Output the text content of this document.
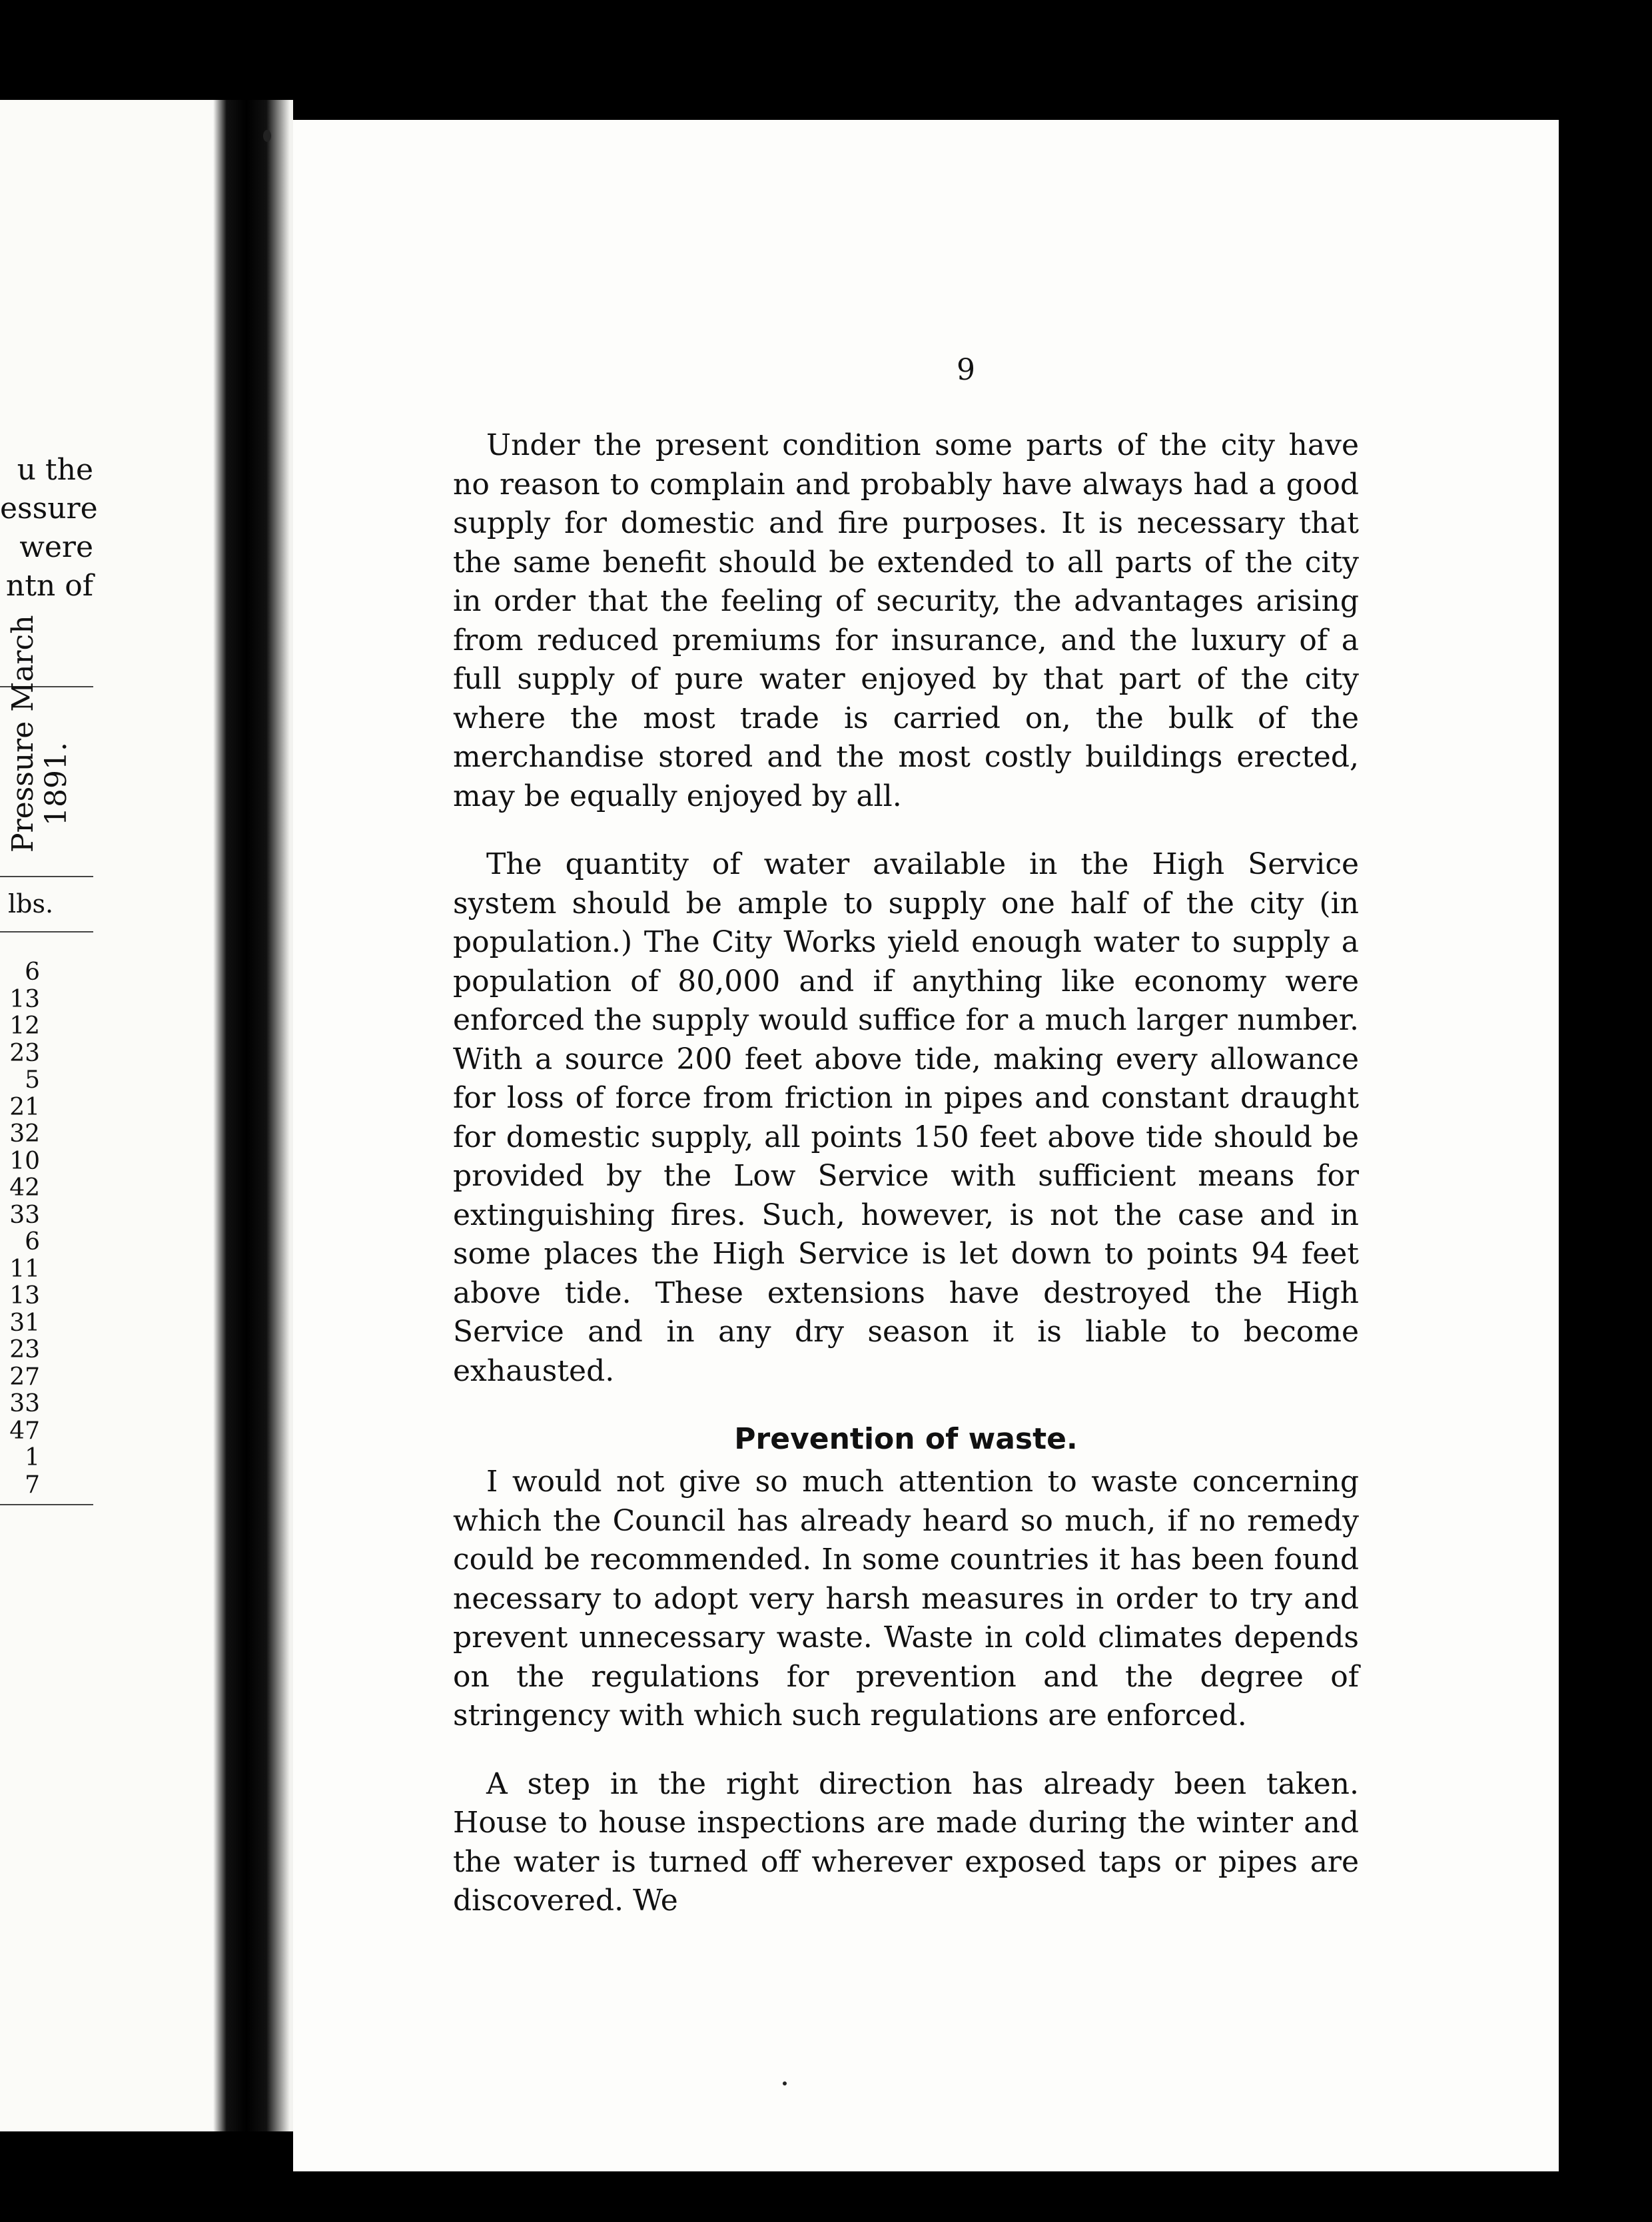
u the
essure
were
ntn of
Pressure March 1891.
lbs.
6
13
12
23
5
21
32
10
42
33
6
11
13
31
23
27
33
47
1
7
9

Under the present condition some parts of the city have no reason to complain and probably have always had a good supply for domestic and fire purposes. It is necessary that the same benefit should be extended to all parts of the city in order that the feeling of security, the advantages arising from reduced premiums for insurance, and the luxury of a full supply of pure water enjoyed by that part of the city where the most trade is carried on, the bulk of the merchandise stored and the most costly buildings erected, may be equally enjoyed by all.

The quantity of water available in the High Service system should be ample to supply one half of the city (in population.) The City Works yield enough water to supply a population of 80,000 and if anything like economy were enforced the supply would suffice for a much larger number. With a source 200 feet above tide, making every allowance for loss of force from friction in pipes and constant draught for domestic supply, all points 150 feet above tide should be provided by the Low Service with sufficient means for extinguishing fires. Such, however, is not the case and in some places the High Service is let down to points 94 feet above tide. These extensions have destroyed the High Service and in any dry season it is liable to become exhausted.

Prevention of waste.

I would not give so much attention to waste concerning which the Council has already heard so much, if no remedy could be recommended. In some countries it has been found necessary to adopt very harsh measures in order to try and prevent unnecessary waste. Waste in cold climates depends on the regulations for prevention and the degree of stringency with which such regulations are enforced.

A step in the right direction has already been taken. House to house inspections are made during the winter and the water is turned off wherever exposed taps or pipes are discovered. We
